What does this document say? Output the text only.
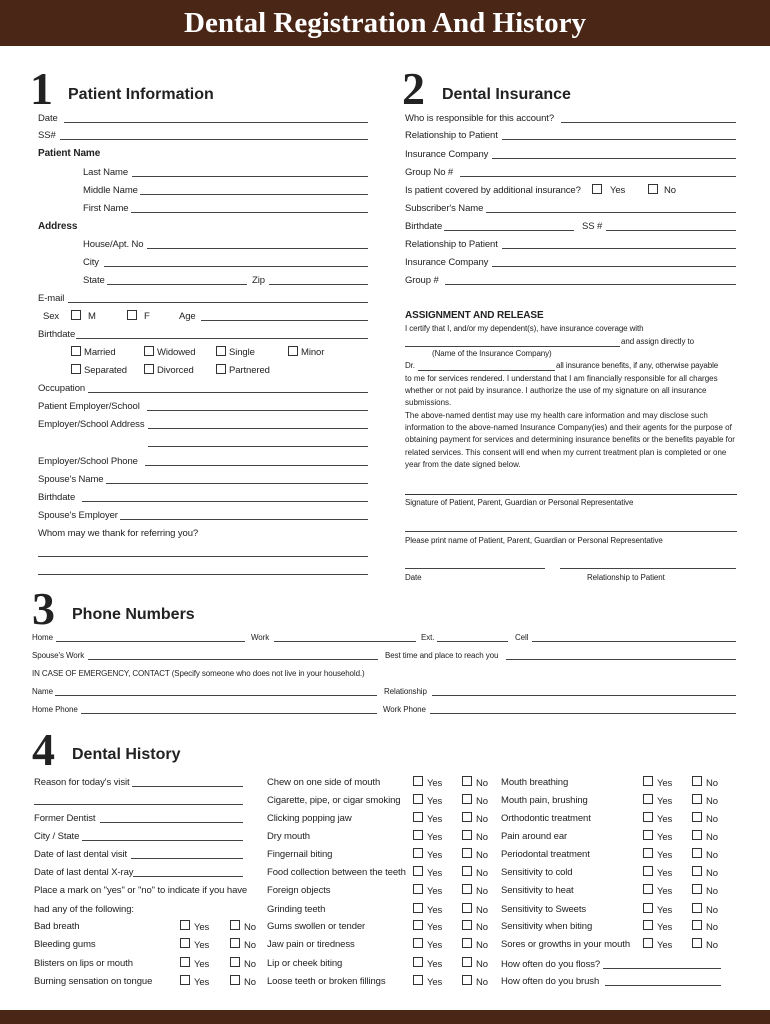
Dental Registration And History
1 Patient Information
Date
SS#
Patient Name
Last Name
Middle Name
First Name
Address
House/Apt. No
City
State	Zip
E-mail
Sex	M	F	Age
Birthdate
Married	Widowed	Single	Minor
Separated	Divorced	Partnered
Occupation
Patient Employer/School
Employer/School Address
Employer/School Phone
Spouse's Name
Birthdate
Spouse's Employer
Whom may we thank for referring you?
2 Dental Insurance
Who is responsible for this account?
Relationship to Patient
Insurance Company
Group No #
Is patient covered by additional insurance?	Yes	No
Subscriber's Name
Birthdate	SS #
Relationship to Patient
Insurance Company
Group #
ASSIGNMENT AND RELEASE
I certify that I, and/or my dependent(s), have insurance coverage with
and assign directly to
(Name of the Insurance Company)
Dr.	all insurance benefits, if any, otherwise payable
to me for services rendered. I understand that I am financially responsible for all charges whether or not paid by insurance. I authorize the use of my signature on all insurance submissions.
The above-named dentist may use my health care information and may disclose such information to the above-named Insurance Company(ies) and their agents for the purpose of obtaining payment for services and determining insurance benefits or the benefits payable for related services. This consent will end when my current treatment plan is completed or one year from the date signed below.
Signature of Patient, Parent, Guardian or Personal Representative
Please print name of Patient, Parent, Guardian or Personal Representative
Date	Relationship to Patient
3 Phone Numbers
Home	Work	Ext.	Cell
Spouse's Work	Best time and place to reach you
IN CASE OF EMERGENCY, CONTACT (Specify someone who does not live in your household.)
Name	Relationship
Home Phone	Work Phone
4 Dental History
Reason for today's visit
Former Dentist
City / State
Date of last dental visit
Date of last dental X-ray
Place a mark on "yes" or "no" to indicate if you have
had any of the following:
Bad breath	Yes	No
Bleeding gums	Yes	No
Blisters on lips or mouth	Yes	No
Burning sensation on tongue	Yes	No
Chew on one side of mouth	Yes	No
Cigarette, pipe, or cigar smoking	Yes	No
Clicking popping jaw	Yes	No
Dry mouth	Yes	No
Fingernail biting	Yes	No
Food collection between the teeth Yes	No
Foreign objects	Yes	No
Grinding teeth	Yes	No
Gums swollen or tender	Yes	No
Jaw pain or tiredness	Yes	No
Lip or cheek biting	Yes	No
Loose teeth or broken fillings	Yes	No
Mouth breathing	Yes	No
Mouth pain, brushing	Yes	No
Orthodontic treatment	Yes	No
Pain around ear	Yes	No
Periodontal treatment	Yes	No
Sensitivity to cold	Yes	No
Sensitivity to heat	Yes	No
Sensitivity to Sweets	Yes	No
Sensitivity when biting	Yes	No
Sores or growths in your mouth	Yes	No
How often do you floss?
How often do you brush
